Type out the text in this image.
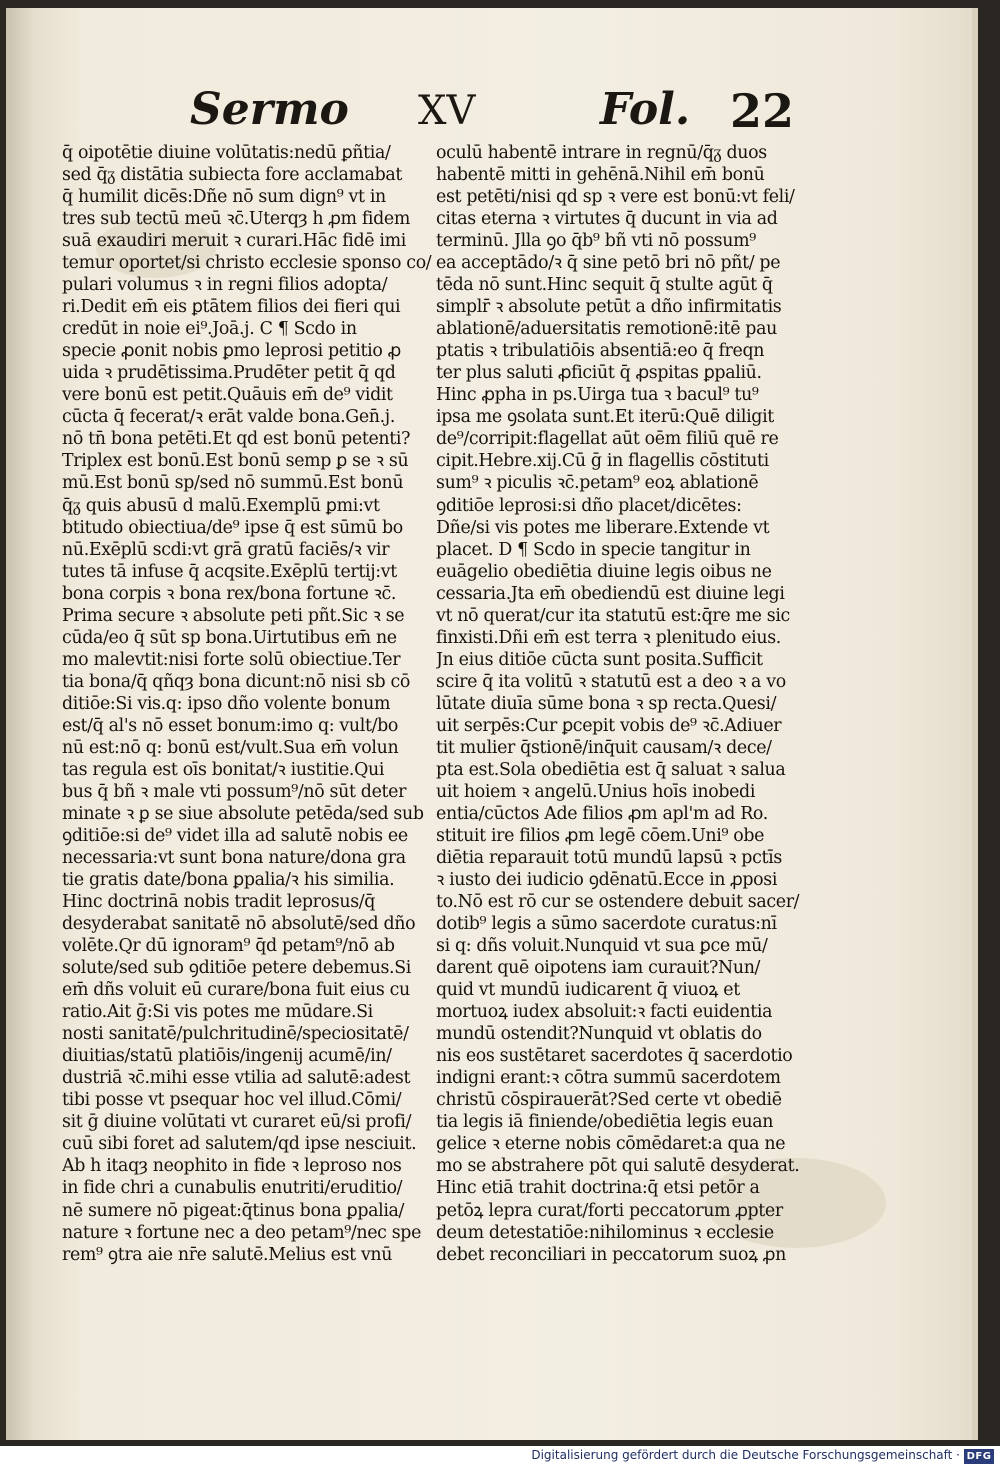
Sermo XV	Fol. 22
q̄ oipotētie diuine volūtatis:nedū ꝑñtia/
sed q̄ᵹ distātia subiecta fore acclamabat
q̄ humilit̄ dicēs:Dñe nō sum dign⁹ vt in
tres sub tectū meū ꝛc̄.Uterqȝ h̄ ꝓm fidem
suā exaudiri meruit ꝛ curari.Hāc fidē imi
temur oportet/si christo ecclesie sponso co/
pulari volumus ꝛ in regni filios adopta/
ri.Dedit em̄ eis ꝑtātem filios dei fieri qui
credūt in noie ei⁹.Joā.j. C ¶ Scd̄o in
specie ꝓonit̄ nobis ꝑmo leprosi petitio ꝓ
uida ꝛ prudētissima.Prudēter petit q̄ qd̄
vere bonū est petit.Quāuis em̄ de⁹ vidit
cūcta q̄ fecerat/ꝛ erāt valde bona.Gen̄.j.
nō tn̄ bona petēti.Et qd̄ est bonū petenti?
Triplex est bonū.Est bonū semp ꝑ se ꝛ sū
mū.Est bonū sp/sed nō summū.Est bonū
q̄ᵹ quis abusū d̄ malū.Exemplū ꝑmi:vt
btitudo obiectiua/de⁹ ipse q̄ est sūmū bo
nū.Exēplū scd̄i:vt grā gratū faciēs/ꝛ vir
tutes tā infuse q̄ acqsite.Exēplū tertij:vt
bona corpis ꝛ bona rex/bona fortune ꝛc̄.
Prima secure ꝛ absolute peti pñt.Sic ꝛ se
cūda/eo q̄ sūt sp bona.Uirtutibus em̄ ne
mo malevtit̄:nisi forte solū obiectiue.Ter
tia bona/q̄ qñqȝ bona dicunt:nō nisi sb̄ cō
ditiōe:Si vis.q: ipso dño volente bonum
est/q̄ al's nō esset bonum:imo q: vult/bo
nū est:nō q: bonū est/vult.Sua em̄ volun
tas regula est oīs bonitat̄/ꝛ iustitie.Qui
bus q̄ bñ ꝛ male vti possum⁹/nō sūt deter
minate ꝛ ꝑ se siue absolute petēda/sed sub
ꝯditiōe:si de⁹ videt illa ad salutē nobis ee
necessaria:vt sunt bona nature/dona gra
tie gratis date/bona ꝑpalia/ꝛ his similia.
Hinc doctrinā nobis tradit leprosus/q̄
desyderabat sanitatē nō absolutē/sed dño
volēte.Qr dū ignoram⁹ q̄d petam⁹/nō ab
solute/sed sub ꝯditiōe petere debemus.Si
em̄ dñs voluit eū curare/bona fuit eius cu
ratio.Ait ḡ:Si vis potes me mūdare.Si
nosti sanitatē/pulchritudinē/speciositatē/
diuitias/statū platiōis/ingenij acumē/in/
dustriā ꝛc̄.mihi esse vtilia ad salutē:adest
tibi posse vt psequar hoc vel illud.Cōmi/
sit ḡ diuine volūtati vt curaret eū/si profi/
cuū sibi foret ad salutem/qd̄ ipse nesciuit.
Ab h̄ itaqȝ neophito in fide ꝛ leproso nos
in fide chri a cunabulis enutriti/eruditio/
nē sumere nō pigeat:q̄tinus bona ꝑpalia/
nature ꝛ fortune nec a deo petam⁹/nec spe
rem⁹ ꝯtra aie nr̄e salutē.Melius est vnū
oculū habentē intrare in regnū/q̄ᵹ duos
habentē mitti in gehēnā.Nihil em̄ bonū
est petēti/nisi qd̄ sp ꝛ vere est bonū:vt feli/
citas eterna ꝛ virtutes q̄ ducunt in via ad
terminū. Jlla ꝯo q̄b⁹ bñ vti nō possum⁹
ea acceptādo/ꝛ q̄ sine petō bri nō pñt/ pe
tēda nō sunt.Hinc sequit̄ q̄ stulte agūt q̄
simplr̄ ꝛ absolute petūt a dño infirmitatis
ablationē/aduersitatis remotionē:itē pau
ptatis ꝛ tribulatiōis absentiā:eo q̄ freqn
ter plus saluti ꝓficiūt q̄ ꝓspitas ꝑpaliū.
Hinc ꝓpha in ps.Uirga tua ꝛ bacul⁹ tu⁹
ipsa me ꝯsolata sunt.Et iterū:Quē diligit
de⁹/corripit:flagellat aūt oēm filiū quē re
cipit.Hebre.xij.Cū ḡ in flagellis cōstituti
sum⁹ ꝛ piculis ꝛc̄.petam⁹ eoꝝ ablationē
ꝯditiōe leprosi:si dño placet/dicētes:
Dñe/si vis potes me liberare.Extende vt
placet. D ¶ Scd̄o in specie tangitur in
euāgelio obediētia diuine legis oibus ne
cessaria.Jta em̄ obediendū est diuine legi
vt nō querat̄/cur ita statutū est:q̄re me sic
finxisti.Dñi em̄ est terra ꝛ plenitudo eius.
Jn eius ditiōe cūcta sunt posita.Sufficit
scire q̄ ita volitū ꝛ statutū est a deo ꝛ a vo
lūtate diuīa sūme bona ꝛ sp recta.Quesi/
uit serpēs:Cur ꝑcepit vobis de⁹ ꝛc̄.Adiuer
tit mulier q̄stionē/inq̄uit causam/ꝛ dece/
pta est.Sola obediētia est q̄ saluat ꝛ salua
uit hoiem ꝛ angelū.Unius hoīs inobedi
entia/cūctos Ade filios ꝓm apl'm ad Ro.
stituit ire filios ꝓm legē cōem.Uni⁹ obe
diētia reparauit totū mundū lapsū ꝛ pctīs
ꝛ iusto dei iudicio ꝯdēnatū.Ecce in ꝓposi
to.Nō est rō cur se ostendere debuit sacer/
dotib⁹ legis a sūmo sacerdote curatus:nī
si q: dñs voluit.Nunquid vt sua ꝑce mū/
darent quē oipotens iam curauit?Nun/
quid vt mundū iudicarent q̄ viuoꝝ et
mortuoꝝ iudex absoluit:ꝛ facti euidentia
mundū ostendit?Nunquid vt oblatis do
nis eos sustētaret sacerdotes q̄ sacerdotio
indigni erant:ꝛ cōtra summū sacerdotem
christū cōspirauerāt?Sed certe vt obediē
tia legis iā finiende/obediētia legis euan
gelice ꝛ eterne nobis cōmēdaret̄:a qua ne
mo se abstrahere pōt qui salutē desyderat.
Hinc etiā trahit̄ doctrina:q̄ etsi petōr a
petōꝝ lepra curat̄/forti peccatorum ꝓpter
deum detestatiōe:nihilominus ꝛ ecclesie
debet reconciliari in peccatorum suoꝝ ꝓn
Digitalisierung gefördert durch die Deutsche Forschungsgemeinschaft · DFG
